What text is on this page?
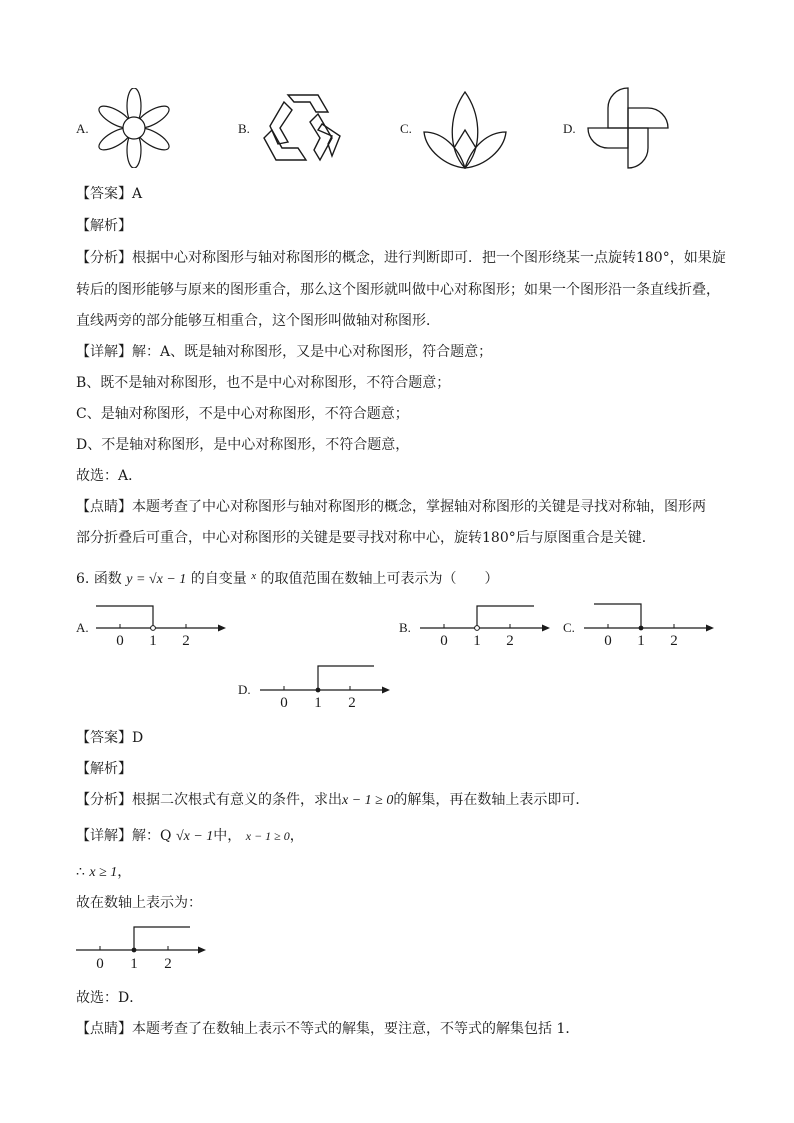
A.	B.	C.	D.
【答案】A
【解析】
【分析】根据中心对称图形与轴对称图形的概念，进行判断即可．把一个图形绕某一点旋转180°，如果旋
转后的图形能够与原来的图形重合，那么这个图形就叫做中心对称图形；如果一个图形沿一条直线折叠，
直线两旁的部分能够互相重合，这个图形叫做轴对称图形．
【详解】解：A、既是轴对称图形，又是中心对称图形，符合题意；
B、既不是轴对称图形，也不是中心对称图形，不符合题意；
C、是轴对称图形，不是中心对称图形，不符合题意；
D、不是轴对称图形，是中心对称图形，不符合题意，
故选：A．
【点睛】本题考查了中心对称图形与轴对称图形的概念，掌握轴对称图形的关键是寻找对称轴，图形两
部分折叠后可重合，中心对称图形的关键是要寻找对称中心，旋转180°后与原图重合是关键．
6. 函数 y = √x − 1 的自变量 $^x$ 的取值范围在数轴上可表示为（　　）
A.
0 1 2
B.
0 1 2
C.
0 1 2
D.
0 1 2
【答案】D
【解析】
【分析】根据二次根式有意义的条件，求出x − 1 ≥ 0的解集，再在数轴上表示即可．
【详解】解：Q √x − 1中， x − 1 ≥ 0，
∴ x ≥ 1，
故在数轴上表示为：
0 1 2
故选：D．
【点睛】本题考查了在数轴上表示不等式的解集，要注意，不等式的解集包括 1．
